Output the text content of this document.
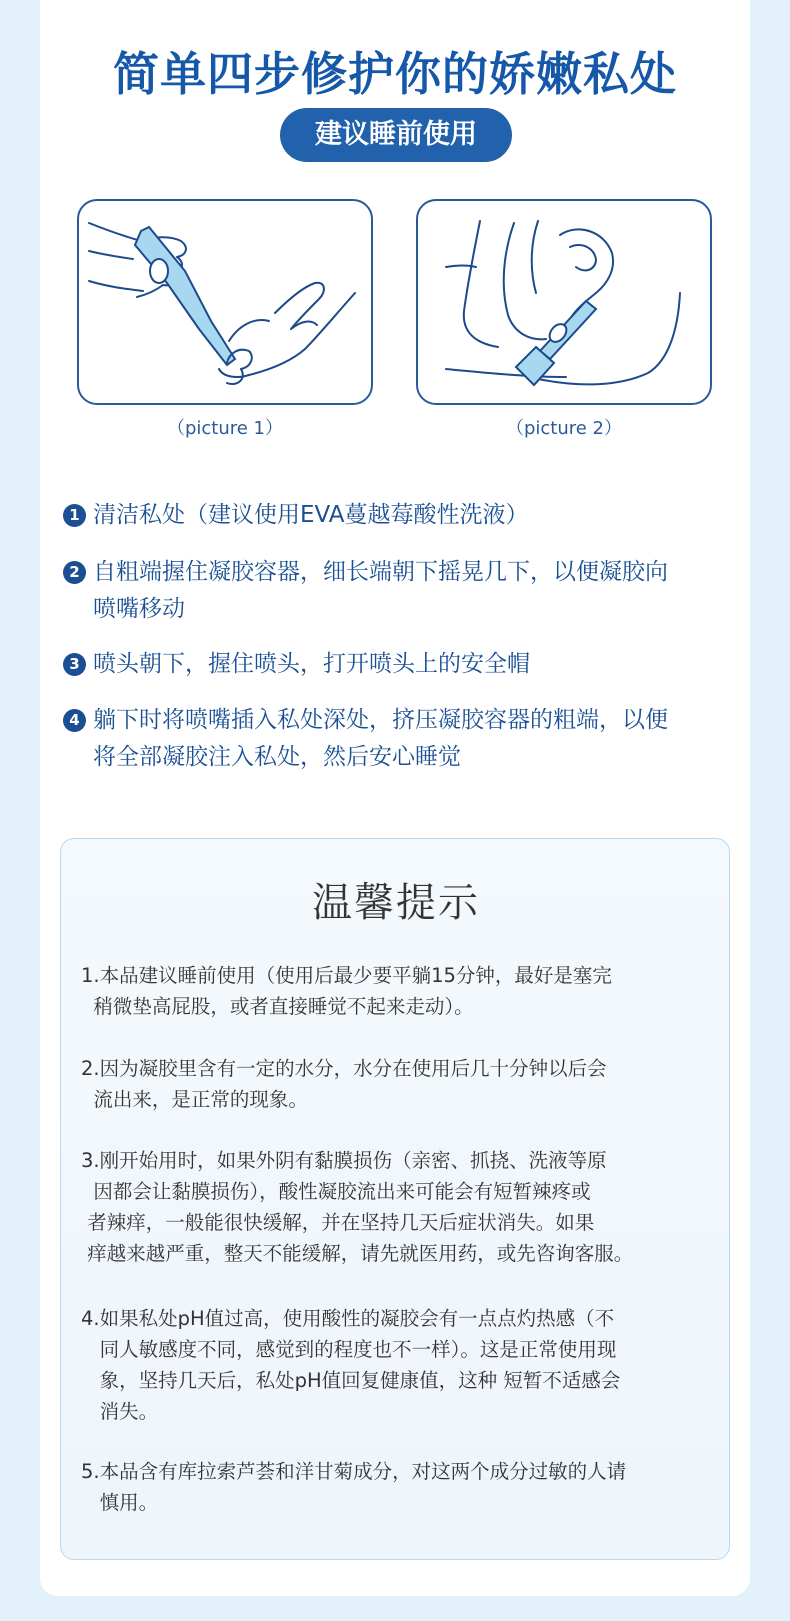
简单四步修护你的娇嫩私处
建议睡前使用
（picture 1）	（picture 2）
1 清洁私处（建议使用EVA蔓越莓酸性洗液）
2 自粗端握住凝胶容器，细长端朝下摇晃几下，以便凝胶向
喷嘴移动
3 喷头朝下，握住喷头，打开喷头上的安全帽
4 躺下时将喷嘴插入私处深处，挤压凝胶容器的粗端，以便
将全部凝胶注入私处，然后安心睡觉
温馨提示
1.本品建议睡前使用（使用后最少要平躺15分钟，最好是塞完
稍微垫高屁股，或者直接睡觉不起来走动）。
2.因为凝胶里含有一定的水分，水分在使用后几十分钟以后会
流出来，是正常的现象。
3.刚开始用时，如果外阴有黏膜损伤（亲密、抓挠、洗液等原
因都会让黏膜损伤），酸性凝胶流出来可能会有短暂辣疼或
者辣痒，一般能很快缓解，并在坚持几天后症状消失。如果
痒越来越严重，整天不能缓解，请先就医用药，或先咨询客服。
4.如果私处pH值过高，使用酸性的凝胶会有一点点灼热感（不
同人敏感度不同，感觉到的程度也不一样）。这是正常使用现
象，坚持几天后，私处pH值回复健康值，这种 短暂不适感会
消失。
5.本品含有库拉索芦荟和洋甘菊成分，对这两个成分过敏的人请
慎用。
